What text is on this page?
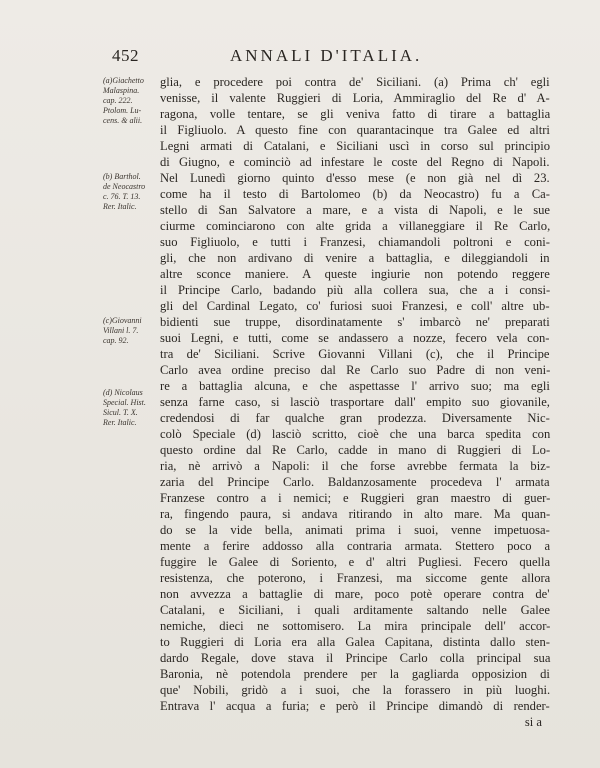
452	ANNALI D'ITALIA.
(a)Giachetto
Malaspina.
cap. 222.
Ptolom. Lu-
cens. & alii.
(b) Barthol.
de Neocastro
c. 76. T. 13.
Rer. Italic.
(c)Giovanni
Villani l. 7.
cap. 92.
(d) Nicolaus
Special. Hist.
Sicul. T. X.
Rer. Italic.
glia, e procedere poi contra de' Siciliani. (a) Prima ch' egli
venisse, il valente Ruggieri di Loria, Ammiraglio del Re d' A-
ragona, volle tentare, se gli veniva fatto di tirare a battaglia
il Figliuolo. A questo fine con quarantacinque tra Galee ed altri
Legni armati di Catalani, e Siciliani uscì in corso sul principio
di Giugno, e cominciò ad infestare le coste del Regno di Napoli.
Nel Lunedì giorno quinto d'esso mese (e non già nel dì 23.
come ha il testo di Bartolomeo (b) da Neocastro) fu a Ca-
stello di San Salvatore a mare, e a vista di Napoli, e le sue
ciurme cominciarono con alte grida a villaneggiare il Re Carlo,
suo Figliuolo, e tutti i Franzesi, chiamandoli poltroni e coni-
gli, che non ardivano di venire a battaglia, e dileggiandoli in
altre sconce maniere. A queste ingiurie non potendo reggere
il Principe Carlo, badando più alla collera sua, che a i consi-
gli del Cardinal Legato, co' furiosi suoi Franzesi, e coll' altre ub-
bidienti sue truppe, disordinatamente s' imbarcò ne' preparati
suoi Legni, e tutti, come se andassero a nozze, fecero vela con-
tra de' Siciliani. Scrive Giovanni Villani (c), che il Principe
Carlo avea ordine preciso dal Re Carlo suo Padre di non veni-
re a battaglia alcuna, e che aspettasse l' arrivo suo; ma egli
senza farne caso, si lasciò trasportare dall' empito suo giovanile,
credendosi di far qualche gran prodezza. Diversamente Nic-
colò Speciale (d) lasciò scritto, cioè che una barca spedita con
questo ordine dal Re Carlo, cadde in mano di Ruggieri di Lo-
ria, nè arrivò a Napoli: il che forse avrebbe fermata la biz-
zaria del Principe Carlo. Baldanzosamente procedeva l' armata
Franzese contro a i nemici; e Ruggieri gran maestro di guer-
ra, fingendo paura, si andava ritirando in alto mare. Ma quan-
do se la vide bella, animati prima i suoi, venne impetuosa-
mente a ferire addosso alla contraria armata. Stettero poco a
fuggire le Galee di Soriento, e d' altri Pugliesi. Fecero quella
resistenza, che poterono, i Franzesi, ma siccome gente allora
non avvezza a battaglie di mare, poco potè operare contra de'
Catalani, e Siciliani, i quali arditamente saltando nelle Galee
nemiche, dieci ne sottomisero. La mira principale dell' accor-
to Ruggieri di Loria era alla Galea Capitana, distinta dallo sten-
dardo Regale, dove stava il Principe Carlo colla principal sua
Baronia, nè potendola prendere per la gagliarda opposizion di
que' Nobili, gridò a i suoi, che la forassero in più luoghi.
Entrava l' acqua a furia; e però il Principe dimandò di render-
si a
